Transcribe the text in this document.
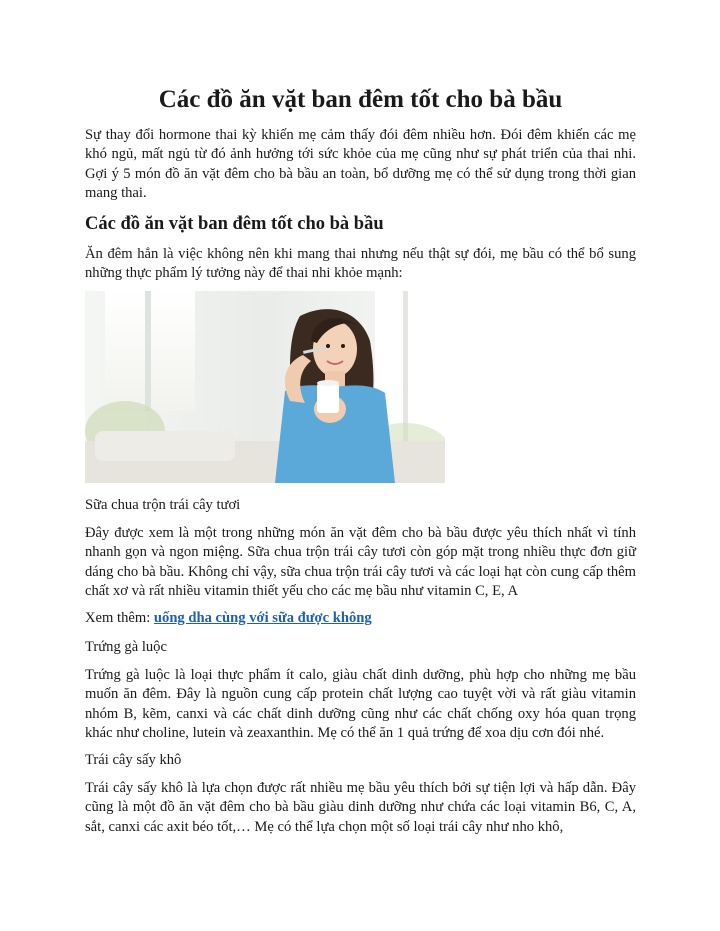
Các đồ ăn vặt ban đêm tốt cho bà bầu

Sự thay đổi hormone thai kỳ khiến mẹ cảm thấy đói đêm nhiều hơn. Đói đêm khiến các mẹ khó ngủ, mất ngủ từ đó ảnh hưởng tới sức khỏe của mẹ cũng như sự phát triển của thai nhi. Gợi ý 5 món đồ ăn vặt đêm cho bà bầu an toàn, bổ dưỡng mẹ có thể sử dụng trong thời gian mang thai.

Các đồ ăn vặt ban đêm tốt cho bà bầu

Ăn đêm hẳn là việc không nên khi mang thai nhưng nếu thật sự đói, mẹ bầu có thể bổ sung những thực phẩm lý tưởng này để thai nhi khỏe mạnh:

Sữa chua trộn trái cây tươi

Đây được xem là một trong những món ăn vặt đêm cho bà bầu được yêu thích nhất vì tính nhanh gọn và ngon miệng. Sữa chua trộn trái cây tươi còn góp mặt trong nhiều thực đơn giữ dáng cho bà bầu. Không chỉ vậy, sữa chua trộn trái cây tươi và các loại hạt còn cung cấp thêm chất xơ và rất nhiều vitamin thiết yếu cho các mẹ bầu như vitamin C, E, A

Xem thêm: uống dha cùng với sữa được không

Trứng gà luộc

Trứng gà luộc là loại thực phẩm ít calo, giàu chất dinh dưỡng, phù hợp cho những mẹ bầu muốn ăn đêm. Đây là nguồn cung cấp protein chất lượng cao tuyệt vời và rất giàu vitamin nhóm B, kẽm, canxi và các chất dinh dưỡng cũng như các chất chống oxy hóa quan trọng khác như choline, lutein và zeaxanthin. Mẹ có thể ăn 1 quả trứng để xoa dịu cơn đói nhé.

Trái cây sấy khô

Trái cây sấy khô là lựa chọn được rất nhiều mẹ bầu yêu thích bởi sự tiện lợi và hấp dẫn. Đây cũng là một đồ ăn vặt đêm cho bà bầu giàu dinh dưỡng như chứa các loại vitamin B6, C, A, sắt, canxi các axit béo tốt,… Mẹ có thể lựa chọn một số loại trái cây như nho khô,
